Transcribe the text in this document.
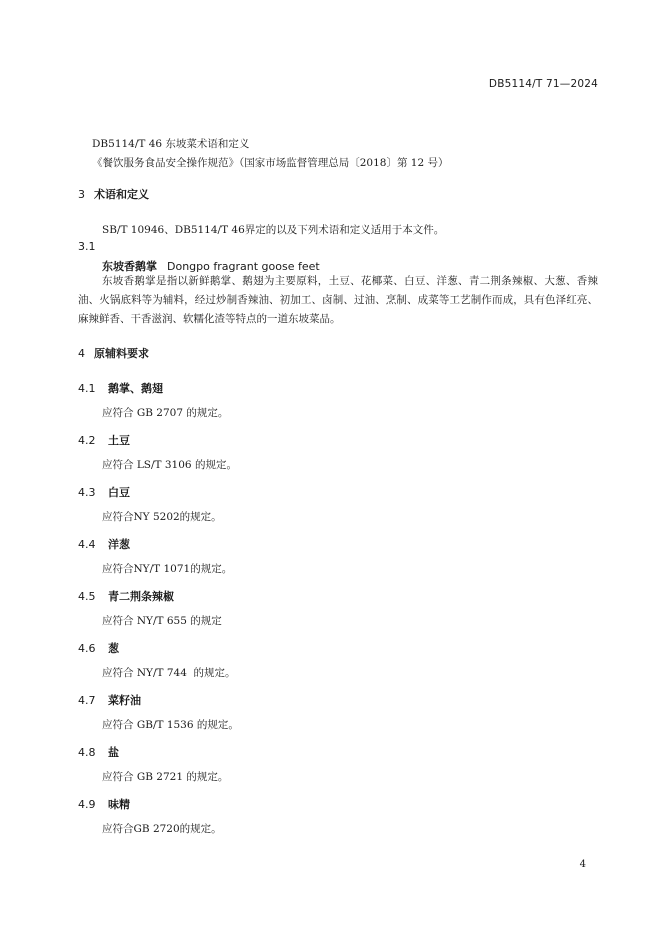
DB5114/T 71—2024
DB5114/T 46 东坡菜术语和定义
《餐饮服务食品安全操作规范》（国家市场监督管理总局〔2018〕第 12 号）
3 术语和定义
SB/T 10946、DB5114/T 46界定的以及下列术语和定义适用于本文件。
3.1
东坡香鹅掌 Dongpo fragrant goose feet
东坡香鹅掌是指以新鲜鹅掌、鹅翅为主要原料，土豆、花椰菜、白豆、洋葱、青二荆条辣椒、大葱、香辣油、火锅底料等为辅料，经过炒制香辣油、初加工、卤制、过油、烹制、成菜等工艺制作而成，具有色泽红亮、麻辣鲜香、干香滋润、软糯化渣等特点的一道东坡菜品。
4 原辅料要求
4.1 鹅掌、鹅翅
应符合 GB 2707 的规定。
4.2 土豆
应符合 LS/T 3106 的规定。
4.3 白豆
应符合NY 5202的规定。
4.4 洋葱
应符合NY/T 1071的规定。
4.5 青二荆条辣椒
应符合 NY/T 655 的规定
4.6 葱
应符合 NY/T 744  的规定。
4.7 菜籽油
应符合 GB/T 1536 的规定。
4.8 盐
应符合 GB 2721 的规定。
4.9 味精
应符合GB 2720的规定。
4
